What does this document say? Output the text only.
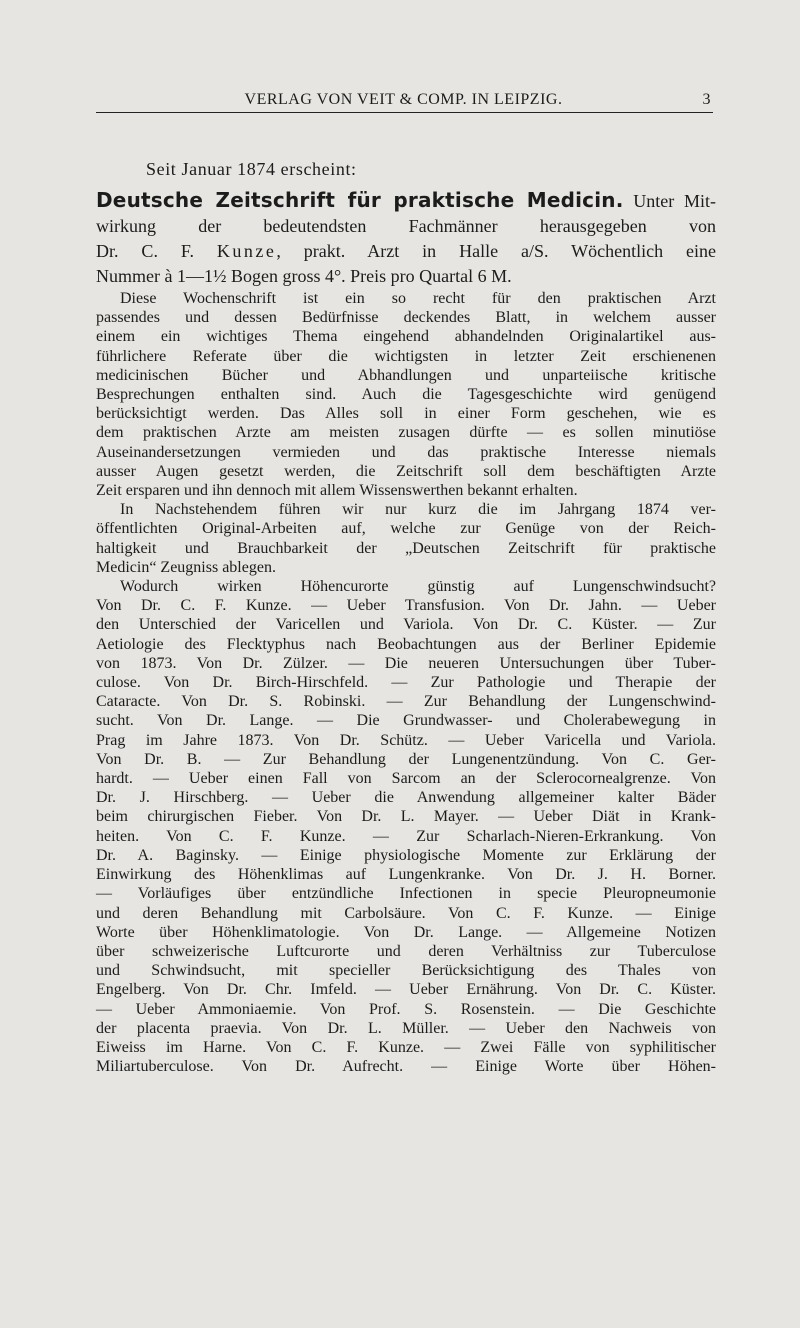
VERLAG VON VEIT & COMP. IN LEIPZIG.	3
Seit Januar 1874 erscheint:
Deutsche Zeitschrift für praktische Medicin. Unter Mit-
wirkung der bedeutendsten Fachmänner herausgegeben von
Dr. C. F. Kunze, prakt. Arzt in Halle a/S. Wöchentlich eine
Nummer à 1—1½ Bogen gross 4°. Preis pro Quartal 6 M.
Diese Wochenschrift ist ein so recht für den praktischen Arzt
passendes und dessen Bedürfnisse deckendes Blatt, in welchem ausser
einem ein wichtiges Thema eingehend abhandelnden Originalartikel aus-
führlichere Referate über die wichtigsten in letzter Zeit erschienenen
medicinischen Bücher und Abhandlungen und unparteiische kritische
Besprechungen enthalten sind. Auch die Tagesgeschichte wird genügend
berücksichtigt werden. Das Alles soll in einer Form geschehen, wie es
dem praktischen Arzte am meisten zusagen dürfte — es sollen minutiöse
Auseinandersetzungen vermieden und das praktische Interesse niemals
ausser Augen gesetzt werden, die Zeitschrift soll dem beschäftigten Arzte
Zeit ersparen und ihn dennoch mit allem Wissenswerthen bekannt erhalten.
In Nachstehendem führen wir nur kurz die im Jahrgang 1874 ver-
öffentlichten Original-Arbeiten auf, welche zur Genüge von der Reich-
haltigkeit und Brauchbarkeit der „Deutschen Zeitschrift für praktische
Medicin“ Zeugniss ablegen.
Wodurch wirken Höhencurorte günstig auf Lungenschwindsucht?
Von Dr. C. F. Kunze. — Ueber Transfusion. Von Dr. Jahn. — Ueber
den Unterschied der Varicellen und Variola. Von Dr. C. Küster. — Zur
Aetiologie des Flecktyphus nach Beobachtungen aus der Berliner Epidemie
von 1873. Von Dr. Zülzer. — Die neueren Untersuchungen über Tuber-
culose. Von Dr. Birch-Hirschfeld. — Zur Pathologie und Therapie der
Cataracte. Von Dr. S. Robinski. — Zur Behandlung der Lungenschwind-
sucht. Von Dr. Lange. — Die Grundwasser- und Cholerabewegung in
Prag im Jahre 1873. Von Dr. Schütz. — Ueber Varicella und Variola.
Von Dr. B. — Zur Behandlung der Lungenentzündung. Von C. Ger-
hardt. — Ueber einen Fall von Sarcom an der Sclerocornealgrenze. Von
Dr. J. Hirschberg. — Ueber die Anwendung allgemeiner kalter Bäder
beim chirurgischen Fieber. Von Dr. L. Mayer. — Ueber Diät in Krank-
heiten. Von C. F. Kunze. — Zur Scharlach-Nieren-Erkrankung. Von
Dr. A. Baginsky. — Einige physiologische Momente zur Erklärung der
Einwirkung des Höhenklimas auf Lungenkranke. Von Dr. J. H. Borner.
— Vorläufiges über entzündliche Infectionen in specie Pleuropneumonie
und deren Behandlung mit Carbolsäure. Von C. F. Kunze. — Einige
Worte über Höhenklimatologie. Von Dr. Lange. — Allgemeine Notizen
über schweizerische Luftcurorte und deren Verhältniss zur Tuberculose
und Schwindsucht, mit specieller Berücksichtigung des Thales von
Engelberg. Von Dr. Chr. Imfeld. — Ueber Ernährung. Von Dr. C. Küster.
— Ueber Ammoniaemie. Von Prof. S. Rosenstein. — Die Geschichte
der placenta praevia. Von Dr. L. Müller. — Ueber den Nachweis von
Eiweiss im Harne. Von C. F. Kunze. — Zwei Fälle von syphilitischer
Miliartuberculose. Von Dr. Aufrecht. — Einige Worte über Höhen-
